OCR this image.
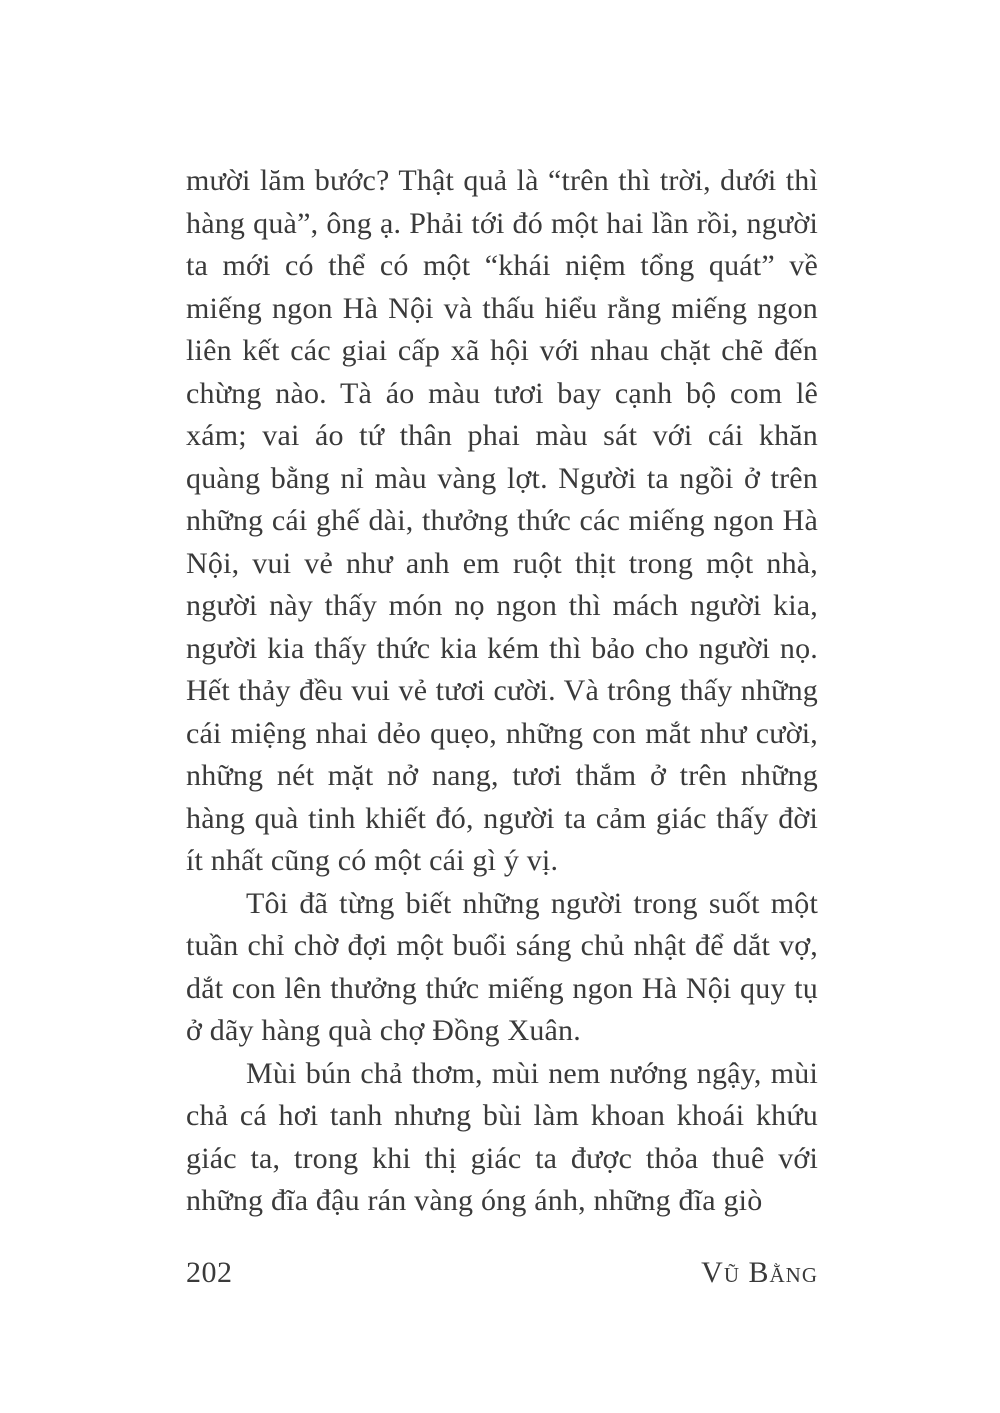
mười lăm bước? Thật quả là “trên thì trời, dưới thì hàng quà”, ông ạ. Phải tới đó một hai lần rồi, người ta mới có thể có một “khái niệm tổng quát” về miếng ngon Hà Nội và thấu hiểu rằng miếng ngon liên kết các giai cấp xã hội với nhau chặt chẽ đến chừng nào. Tà áo màu tươi bay cạnh bộ com lê xám; vai áo tứ thân phai màu sát với cái khăn quàng bằng nỉ màu vàng lợt. Người ta ngồi ở trên những cái ghế dài, thưởng thức các miếng ngon Hà Nội, vui vẻ như anh em ruột thịt trong một nhà, người này thấy món nọ ngon thì mách người kia, người kia thấy thức kia kém thì bảo cho người nọ. Hết thảy đều vui vẻ tươi cười. Và trông thấy những cái miệng nhai dẻo quẹo, những con mắt như cười, những nét mặt nở nang, tươi thắm ở trên những hàng quà tinh khiết đó, người ta cảm giác thấy đời ít nhất cũng có một cái gì ý vị.

Tôi đã từng biết những người trong suốt một tuần chỉ chờ đợi một buổi sáng chủ nhật để dắt vợ, dắt con lên thưởng thức miếng ngon Hà Nội quy tụ ở dãy hàng quà chợ Đồng Xuân.

Mùi bún chả thơm, mùi nem nướng ngậy, mùi chả cá hơi tanh nhưng bùi làm khoan khoái khứu giác ta, trong khi thị giác ta được thỏa thuê với những đĩa đậu rán vàng óng ánh, những đĩa giò

202	Vũ Bằng
